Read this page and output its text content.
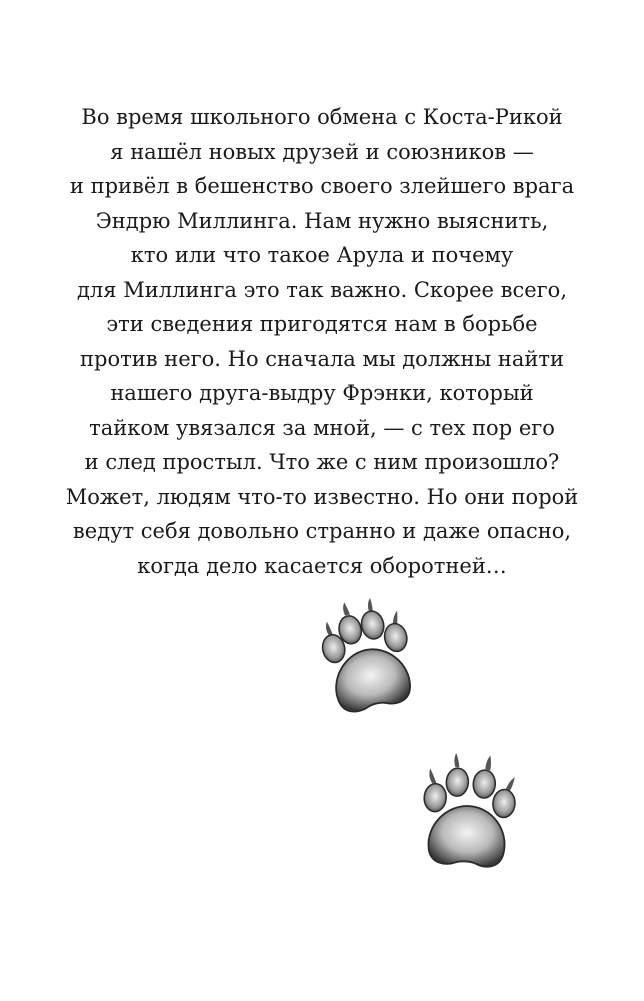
Во время школьного обмена с Коста-Рикой
я нашёл новых друзей и союзников —
и привёл в бешенство своего злейшего врага
Эндрю Миллинга. Нам нужно выяснить,
кто или что такое Арула и почему
для Миллинга это так важно. Скорее всего,
эти сведения пригодятся нам в борьбе
против него. Но сначала мы должны найти
нашего друга-выдру Фрэнки, который
тайком увязался за мной, — с тех пор его
и след простыл. Что же с ним произошло?
Может, людям что-то известно. Но они порой
ведут себя довольно странно и даже опасно,
когда дело касается оборотней…
